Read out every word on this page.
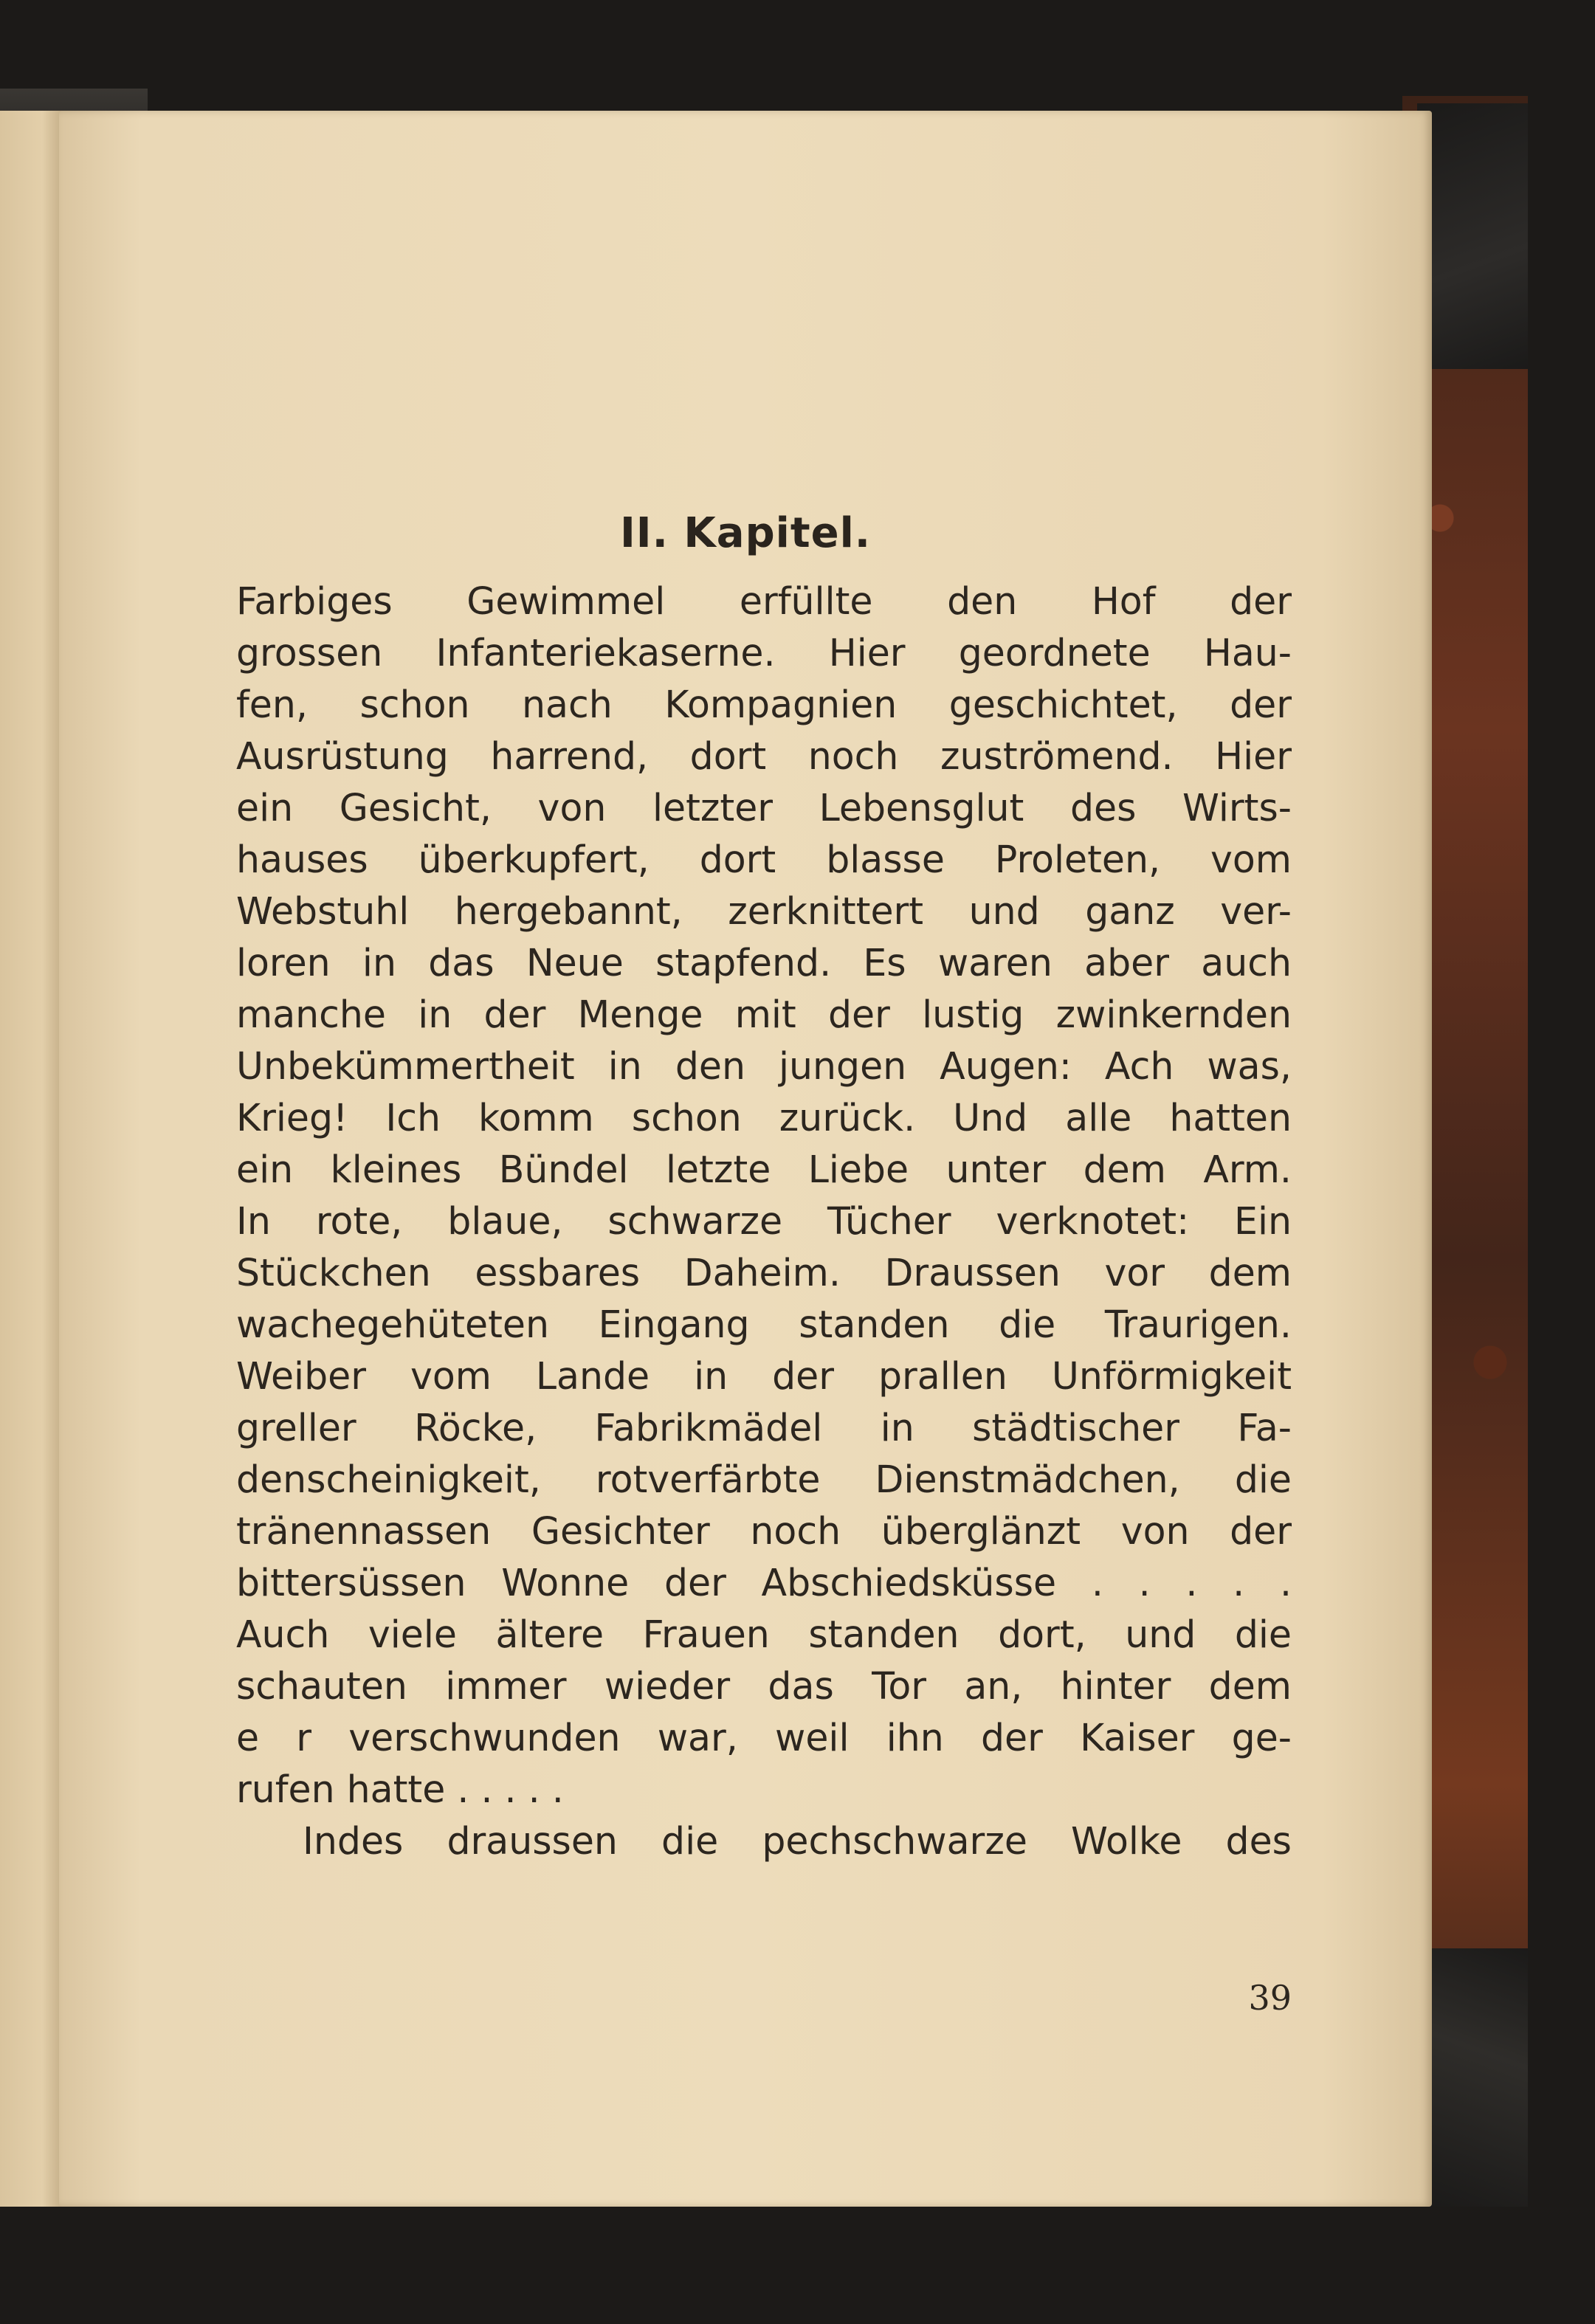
II. Kapitel.
Farbiges Gewimmel erfüllte den Hof der
grossen Infanteriekaserne. Hier geordnete Hau-
fen, schon nach Kompagnien geschichtet, der
Ausrüstung harrend, dort noch zuströmend. Hier
ein Gesicht, von letzter Lebensglut des Wirts-
hauses überkupfert, dort blasse Proleten, vom
Webstuhl hergebannt, zerknittert und ganz ver-
loren in das Neue stapfend. Es waren aber auch
manche in der Menge mit der lustig zwinkernden
Unbekümmertheit in den jungen Augen: Ach was,
Krieg! Ich komm schon zurück. Und alle hatten
ein kleines Bündel letzte Liebe unter dem Arm.
In rote, blaue, schwarze Tücher verknotet: Ein
Stückchen essbares Daheim. Draussen vor dem
wachegehüteten Eingang standen die Traurigen.
Weiber vom Lande in der prallen Unförmigkeit
greller Röcke, Fabrikmädel in städtischer Fa-
denscheinigkeit, rotverfärbte Dienstmädchen, die
tränennassen Gesichter noch überglänzt von der
bittersüssen Wonne der Abschiedsküsse . . . . .
Auch viele ältere Frauen standen dort, und die
schauten immer wieder das Tor an, hinter dem
e r verschwunden war, weil ihn der Kaiser ge-
rufen hatte . . . . .
Indes draussen die pechschwarze Wolke des

39
